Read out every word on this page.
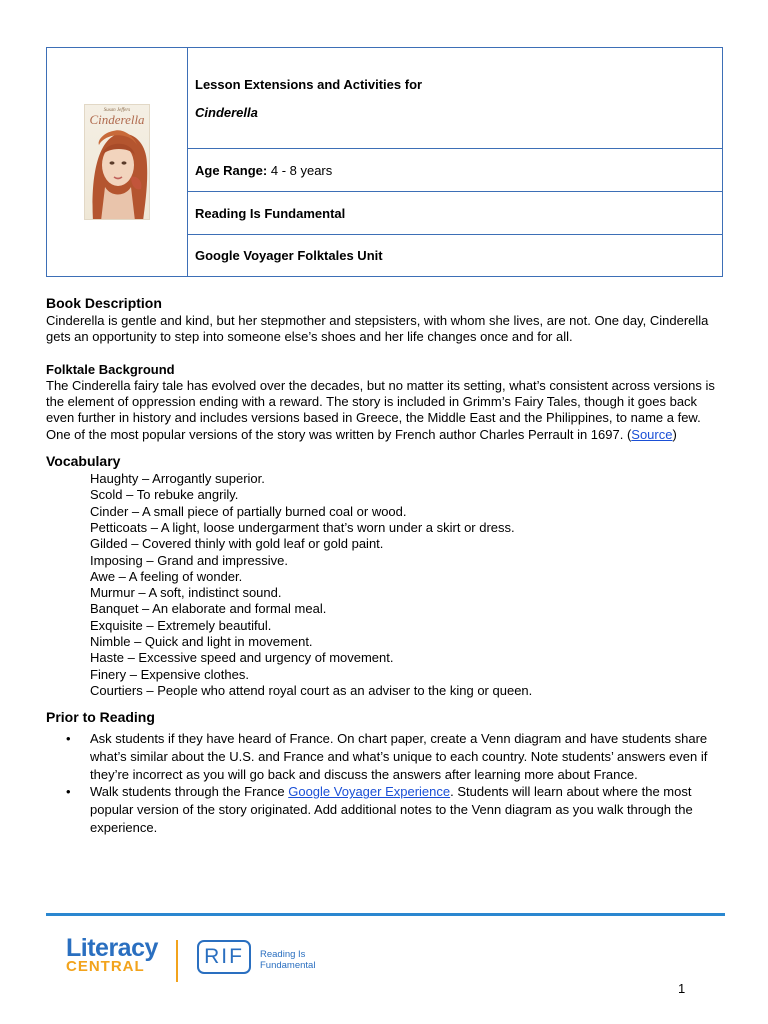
Susan Jeffers
Cinderella
Lesson Extensions and Activities for
Cinderella
Age Range: 4 - 8 years
Reading Is Fundamental
Google Voyager Folktales Unit
Book Description

Cinderella is gentle and kind, but her stepmother and stepsisters, with whom she lives, are not. One day, Cinderella gets an opportunity to step into someone else’s shoes and her life changes once and for all.

Folktale Background

The Cinderella fairy tale has evolved over the decades, but no matter its setting, what’s consistent across versions is the element of oppression ending with a reward. The story is included in Grimm’s Fairy Tales, though it goes back even further in history and includes versions based in Greece, the Middle East and the Philippines, to name a few. One of the most popular versions of the story was written by French author Charles Perrault in 1697. (Source)

Vocabulary
Haughty – Arrogantly superior.
Scold – To rebuke angrily.
Cinder – A small piece of partially burned coal or wood.
Petticoats – A light, loose undergarment that’s worn under a skirt or dress.
Gilded – Covered thinly with gold leaf or gold paint.
Imposing – Grand and impressive.
Awe – A feeling of wonder.
Murmur – A soft, indistinct sound.
Banquet – An elaborate and formal meal.
Exquisite – Extremely beautiful.
Nimble – Quick and light in movement.
Haste – Excessive speed and urgency of movement.
Finery – Expensive clothes.
Courtiers – People who attend royal court as an adviser to the king or queen.
Prior to Reading
• Ask students if they have heard of France. On chart paper, create a Venn diagram and have students share what’s similar about the U.S. and France and what’s unique to each country. Note students’ answers even if they’re incorrect as you will go back and discuss the answers after learning more about France.
• Walk students through the France Google Voyager Experience. Students will learn about where the most popular version of the story originated. Add additional notes to the Venn diagram as you walk through the experience.
Literacy
CENTRAL	RIF Reading Is
Fundamental
1
